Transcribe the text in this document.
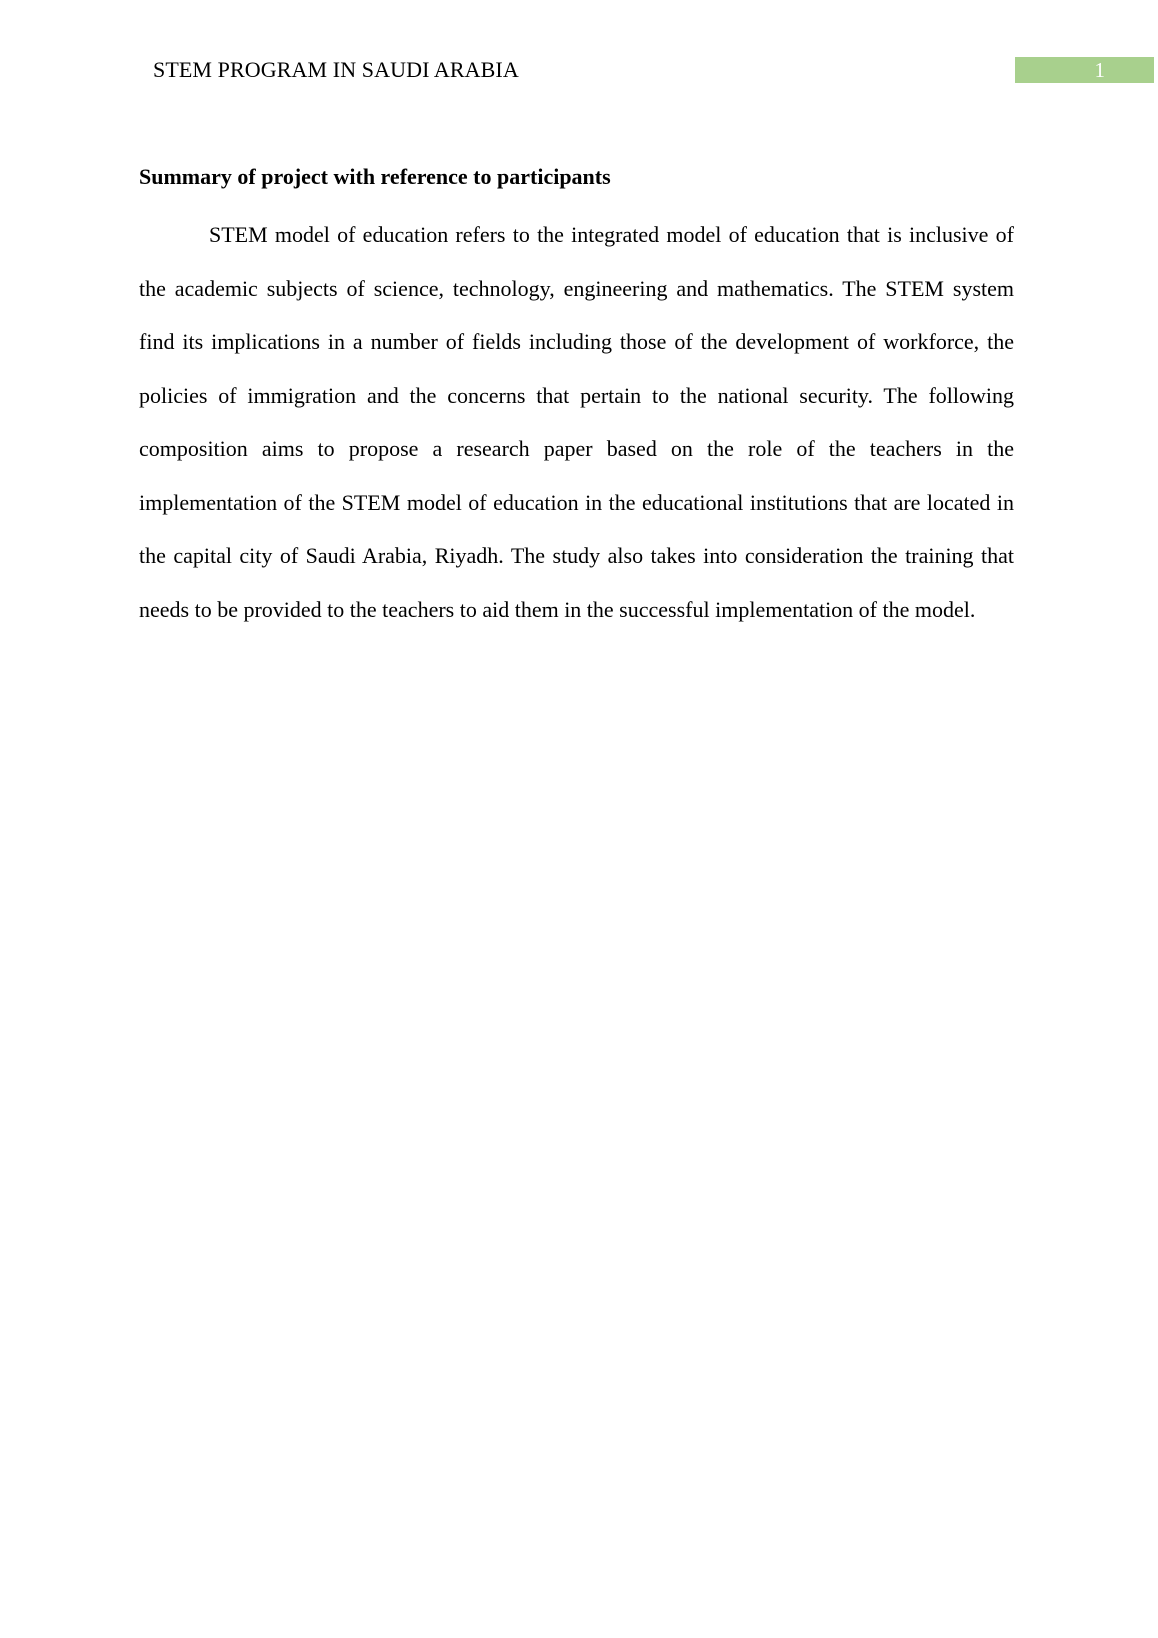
STEM PROGRAM IN SAUDI ARABIA	1
Summary of project with reference to participants

STEM model of education refers to the integrated model of education that is inclusive of the academic subjects of science, technology, engineering and mathematics. The STEM system find its implications in a number of fields including those of the development of workforce, the policies of immigration and the concerns that pertain to the national security. The following composition aims to propose a research paper based on the role of the teachers in the implementation of the STEM model of education in the educational institutions that are located in the capital city of Saudi Arabia, Riyadh. The study also takes into consideration the training that needs to be provided to the teachers to aid them in the successful implementation of the model.
